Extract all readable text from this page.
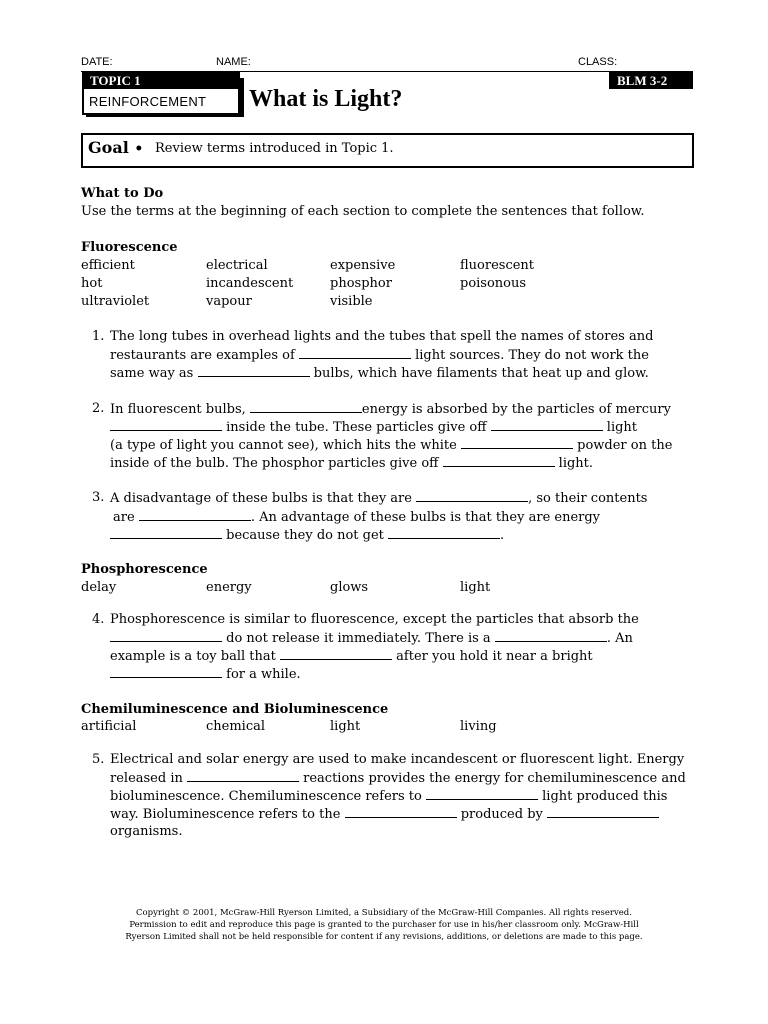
DATE:	NAME:	CLASS:
TOPIC 1
REINFORCEMENT What is Light?
BLM 3-2
Goal • Review terms introduced in Topic 1.
What to Do
Use the terms at the beginning of each section to complete the sentences that follow.
Fluorescence
efficient	electrical	expensive	fluorescent
hot	incandescent	phosphor	poisonous
ultraviolet	vapour	visible
1. The long tubes in overhead lights and the tubes that spell the names of stores and
restaurants are examples of	light sources. They do not work the
same way as	bulbs, which have filaments that heat up and glow.
2. In fluorescent bulbs,	energy is absorbed by the particles of mercury
inside the tube. These particles give off	light
(a type of light you cannot see), which hits the white	powder on the
inside of the bulb. The phosphor particles give off	light.
3. A disadvantage of these bulbs is that they are	, so their contents
are	. An advantage of these bulbs is that they are energy
because they do not get	.
Phosphorescence
delay	energy	glows	light
4. Phosphorescence is similar to fluorescence, except the particles that absorb the
do not release it immediately. There is a	. An
example is a toy ball that	after you hold it near a bright
for a while.
Chemiluminescence and Bioluminescence
artificial	chemical	light	living
5. Electrical and solar energy are used to make incandescent or fluorescent light. Energy
released in	reactions provides the energy for chemiluminescence and
bioluminescence. Chemiluminescence refers to	light produced this
way. Bioluminescence refers to the	produced by
organisms.
Copyright © 2001, McGraw-Hill Ryerson Limited, a Subsidiary of the McGraw-Hill Companies. All rights reserved.
Permission to edit and reproduce this page is granted to the purchaser for use in his/her classroom only. McGraw-Hill
Ryerson Limited shall not be held responsible for content if any revisions, additions, or deletions are made to this page.
